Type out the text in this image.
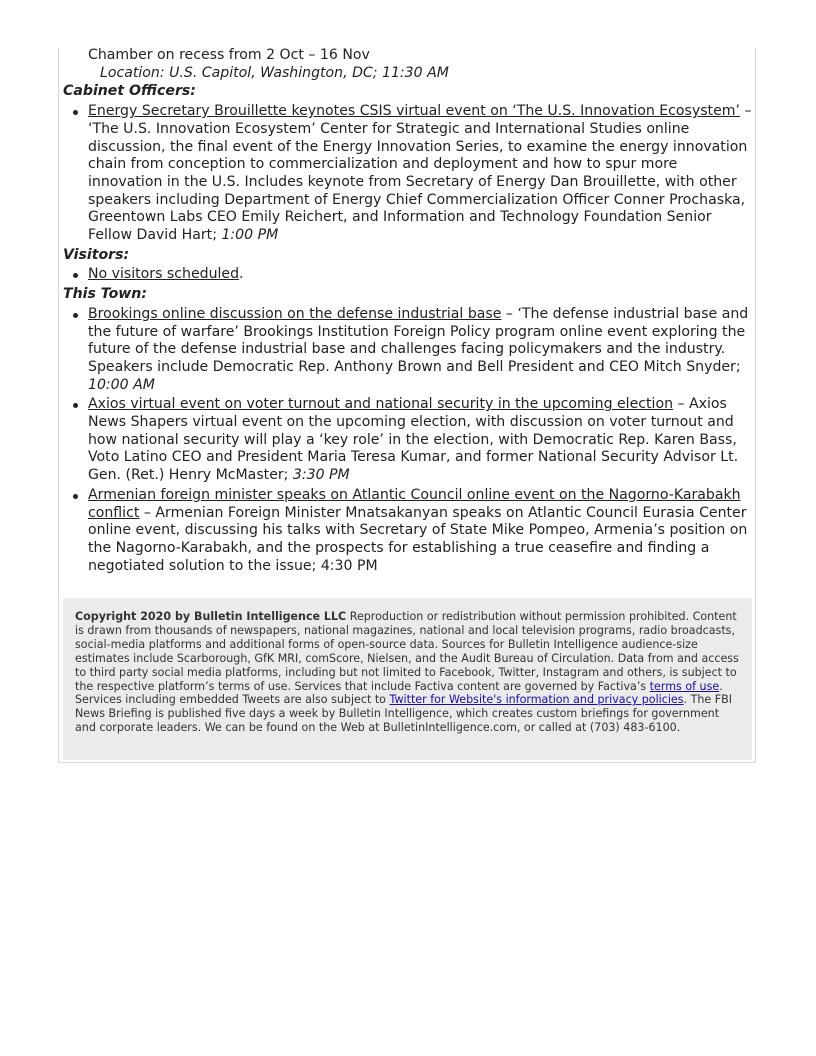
Chamber on recess from 2 Oct – 16 Nov
Location: U.S. Capitol, Washington, DC; 11:30 AM
Cabinet Officers:
Energy Secretary Brouillette keynotes CSIS virtual event on ‘The U.S. Innovation Ecosystem’ – ‘The U.S. Innovation Ecosystem’ Center for Strategic and International Studies online discussion, the final event of the Energy Innovation Series, to examine the energy innovation chain from conception to commercialization and deployment and how to spur more innovation in the U.S. Includes keynote from Secretary of Energy Dan Brouillette, with other speakers including Department of Energy Chief Commercialization Officer Conner Prochaska, Greentown Labs CEO Emily Reichert, and Information and Technology Foundation Senior Fellow David Hart; 1:00 PM
Visitors:
No visitors scheduled.
This Town:
Brookings online discussion on the defense industrial base – ‘The defense industrial base and the future of warfare’ Brookings Institution Foreign Policy program online event exploring the future of the defense industrial base and challenges facing policymakers and the industry. Speakers include Democratic Rep. Anthony Brown and Bell President and CEO Mitch Snyder; 10:00 AM
Axios virtual event on voter turnout and national security in the upcoming election – Axios News Shapers virtual event on the upcoming election, with discussion on voter turnout and how national security will play a ‘key role’ in the election, with Democratic Rep. Karen Bass, Voto Latino CEO and President Maria Teresa Kumar, and former National Security Advisor Lt. Gen. (Ret.) Henry McMaster; 3:30 PM
Armenian foreign minister speaks on Atlantic Council online event on the Nagorno-Karabakh conflict – Armenian Foreign Minister Mnatsakanyan speaks on Atlantic Council Eurasia Center online event, discussing his talks with Secretary of State Mike Pompeo, Armenia’s position on the Nagorno-Karabakh, and the prospects for establishing a true ceasefire and finding a negotiated solution to the issue; 4:30 PM
Copyright 2020 by Bulletin Intelligence LLC Reproduction or redistribution without permission prohibited. Content is drawn from thousands of newspapers, national magazines, national and local television programs, radio broadcasts, social-media platforms and additional forms of open-source data. Sources for Bulletin Intelligence audience-size estimates include Scarborough, GfK MRI, comScore, Nielsen, and the Audit Bureau of Circulation. Data from and access to third party social media platforms, including but not limited to Facebook, Twitter, Instagram and others, is subject to the respective platform’s terms of use. Services that include Factiva content are governed by Factiva’s terms of use. Services including embedded Tweets are also subject to Twitter for Website's information and privacy policies. The FBI News Briefing is published five days a week by Bulletin Intelligence, which creates custom briefings for government and corporate leaders. We can be found on the Web at BulletinIntelligence.com, or called at (703) 483-6100.
